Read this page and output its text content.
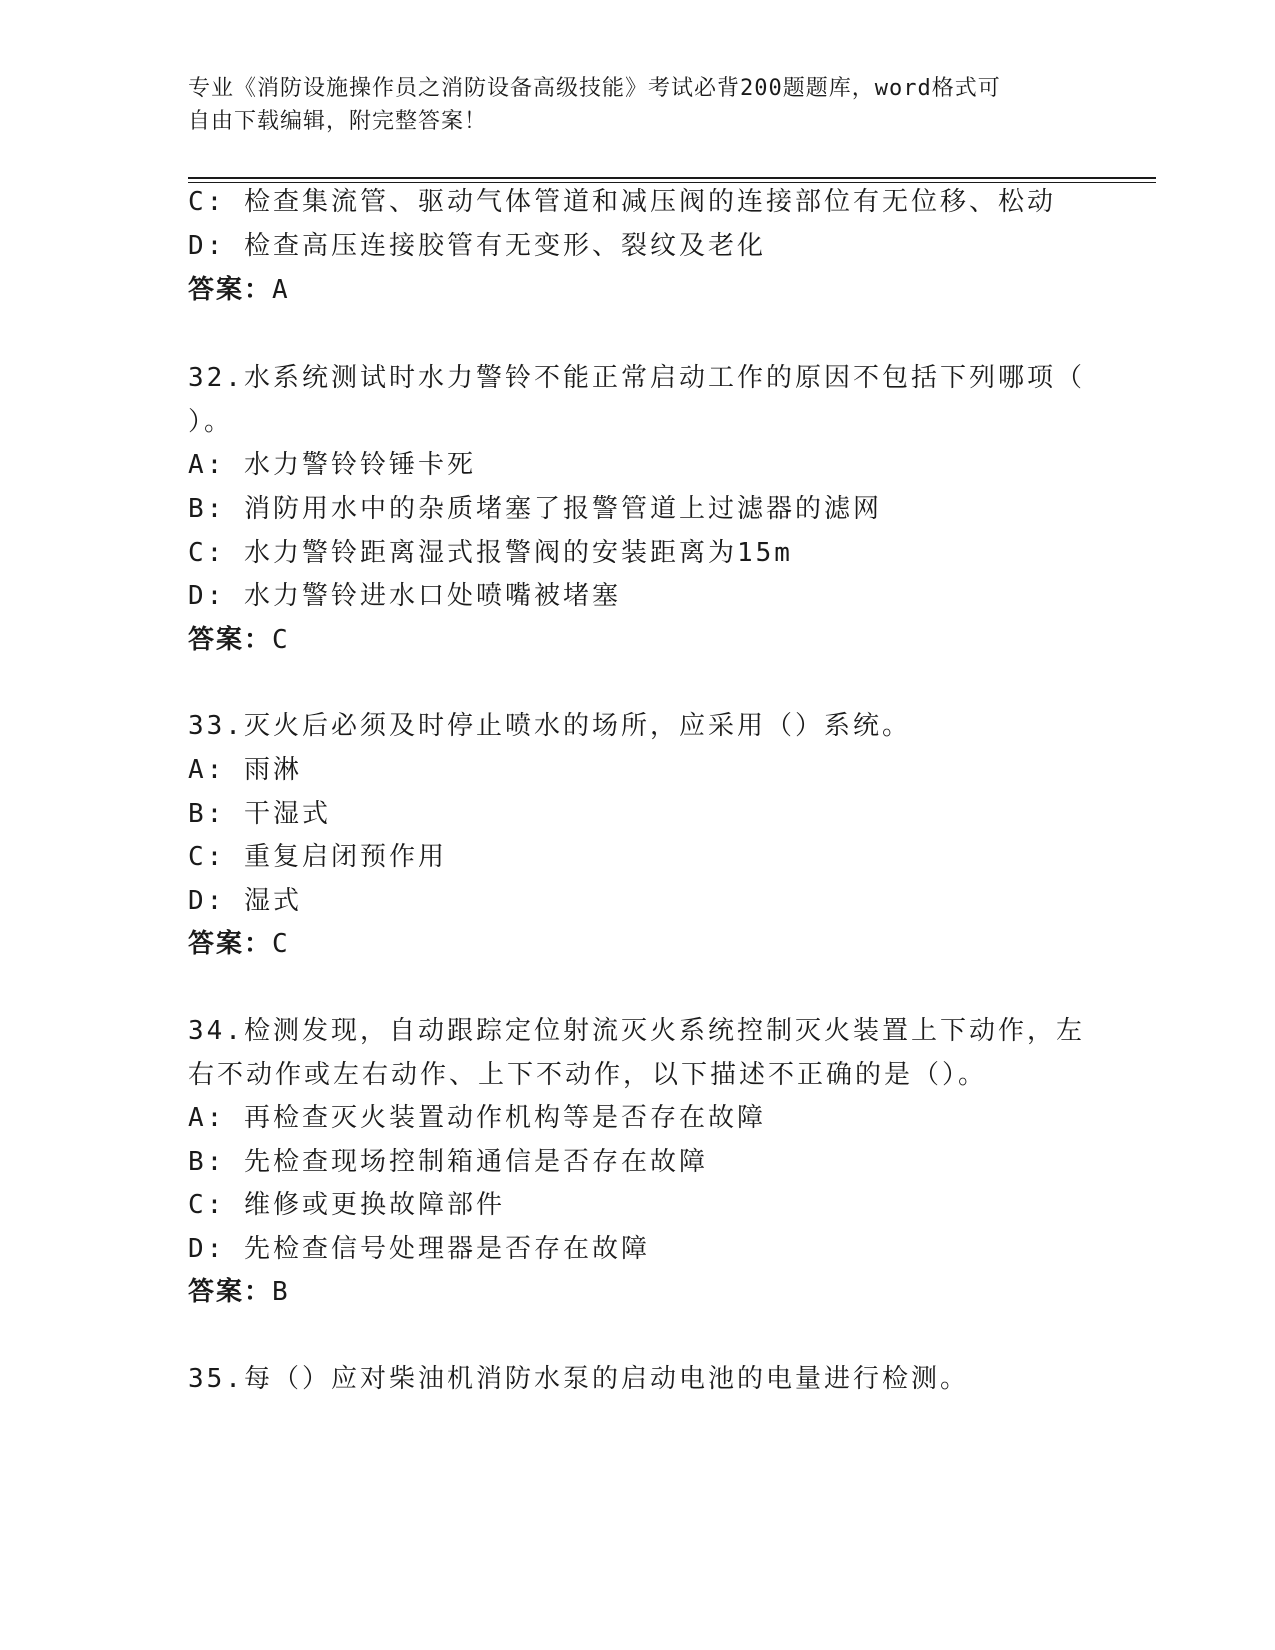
专业《消防设施操作员之消防设备高级技能》考试必背200题题库，word格式可
自由下载编辑，附完整答案！
C: 检查集流管、驱动气体管道和减压阀的连接部位有无位移、松动
D: 检查高压连接胶管有无变形、裂纹及老化
答案：A
32.水系统测试时水力警铃不能正常启动工作的原因不包括下列哪项（
）。
A: 水力警铃铃锤卡死
B: 消防用水中的杂质堵塞了报警管道上过滤器的滤网
C: 水力警铃距离湿式报警阀的安装距离为15m
D: 水力警铃进水口处喷嘴被堵塞
答案：C
33.灭火后必须及时停止喷水的场所，应采用（）系统。
A: 雨淋
B: 干湿式
C: 重复启闭预作用
D: 湿式
答案：C
34.检测发现，自动跟踪定位射流灭火系统控制灭火装置上下动作，左
右不动作或左右动作、上下不动作，以下描述不正确的是（）。
A: 再检查灭火装置动作机构等是否存在故障
B: 先检查现场控制箱通信是否存在故障
C: 维修或更换故障部件
D: 先检查信号处理器是否存在故障
答案：B
35.每（）应对柴油机消防水泵的启动电池的电量进行检测。
